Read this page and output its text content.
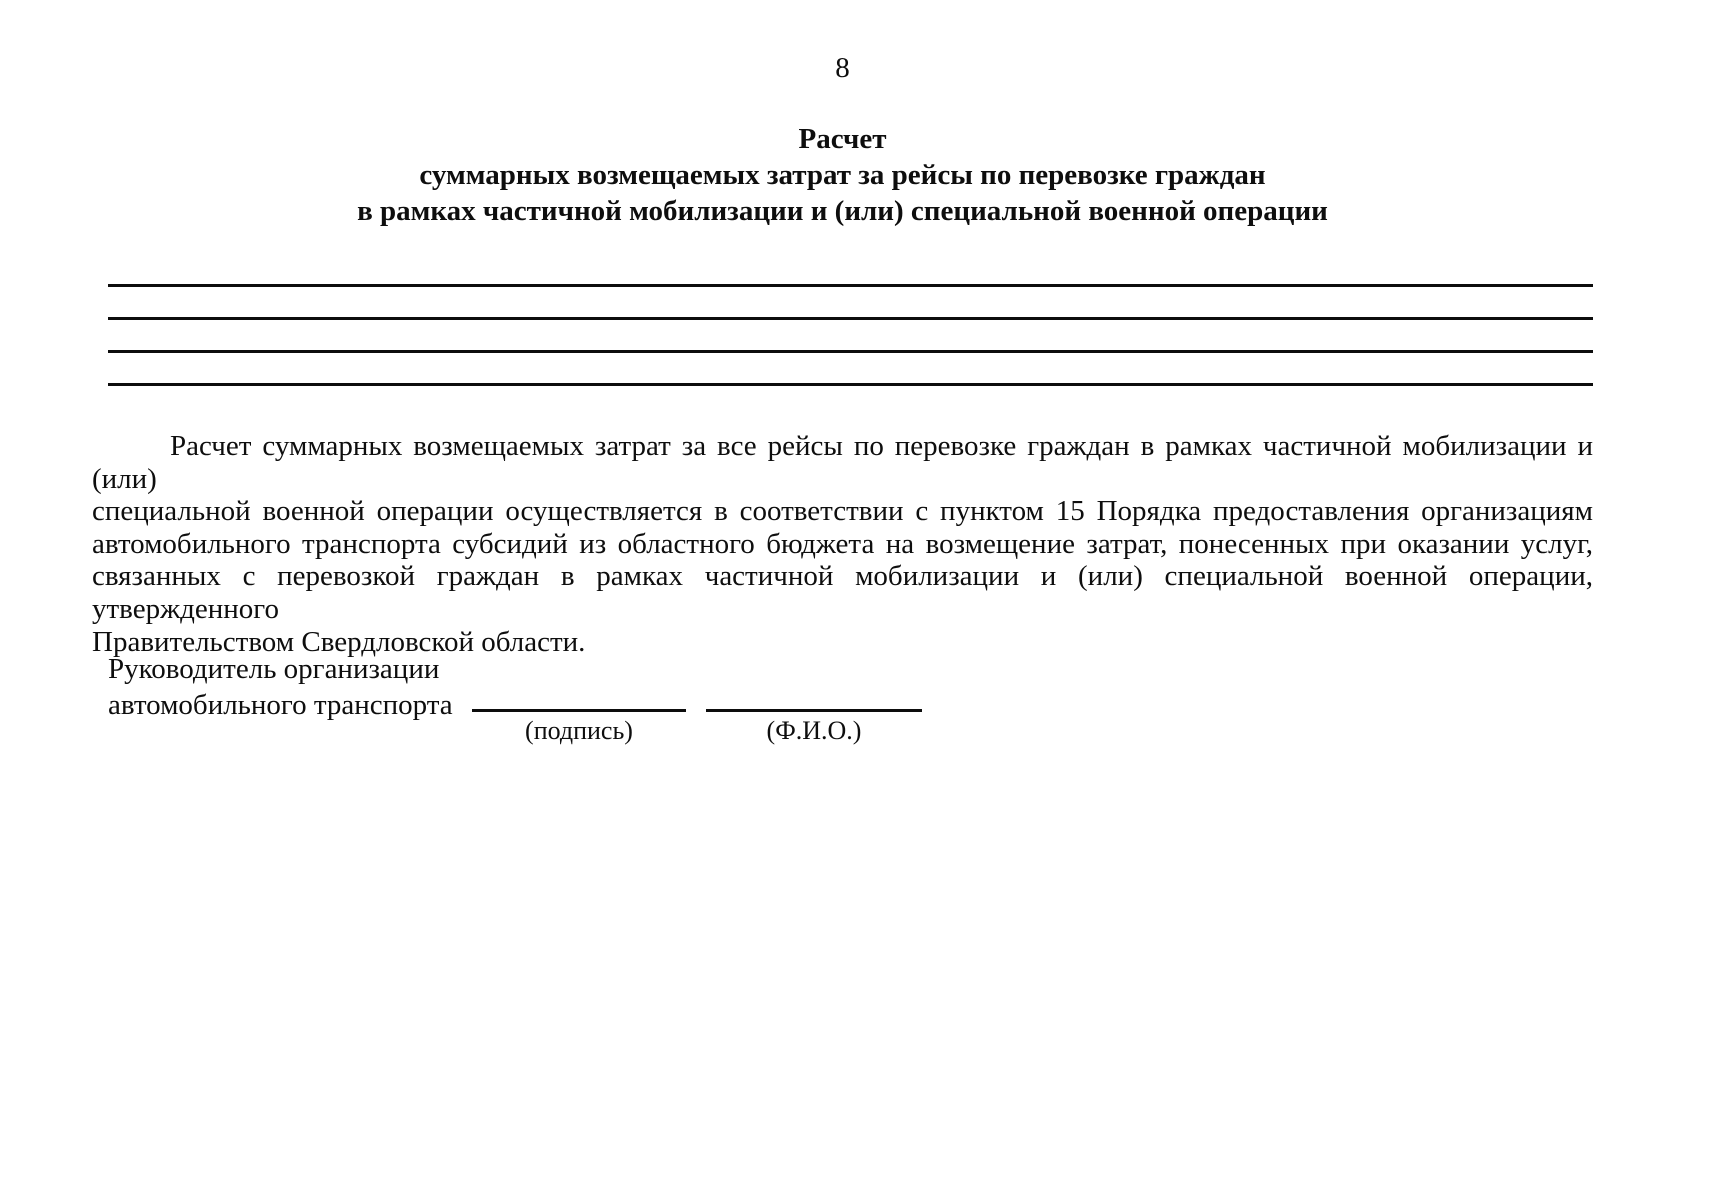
8
Расчет
суммарных возмещаемых затрат за рейсы по перевозке граждан
в рамках частичной мобилизации и (или) специальной военной операции
Расчет суммарных возмещаемых затрат за все рейсы по перевозке граждан в рамках частичной мобилизации и (или)
специальной военной операции осуществляется в соответствии с пунктом 15 Порядка предоставления организациям
автомобильного транспорта субсидий из областного бюджета на возмещение затрат, понесенных при оказании услуг,
связанных с перевозкой граждан в рамках частичной мобилизации и (или) специальной военной операции, утвержденного
Правительством Свердловской области.
Руководитель организации
автомобильного транспорта
(подпись)	(Ф.И.О.)
